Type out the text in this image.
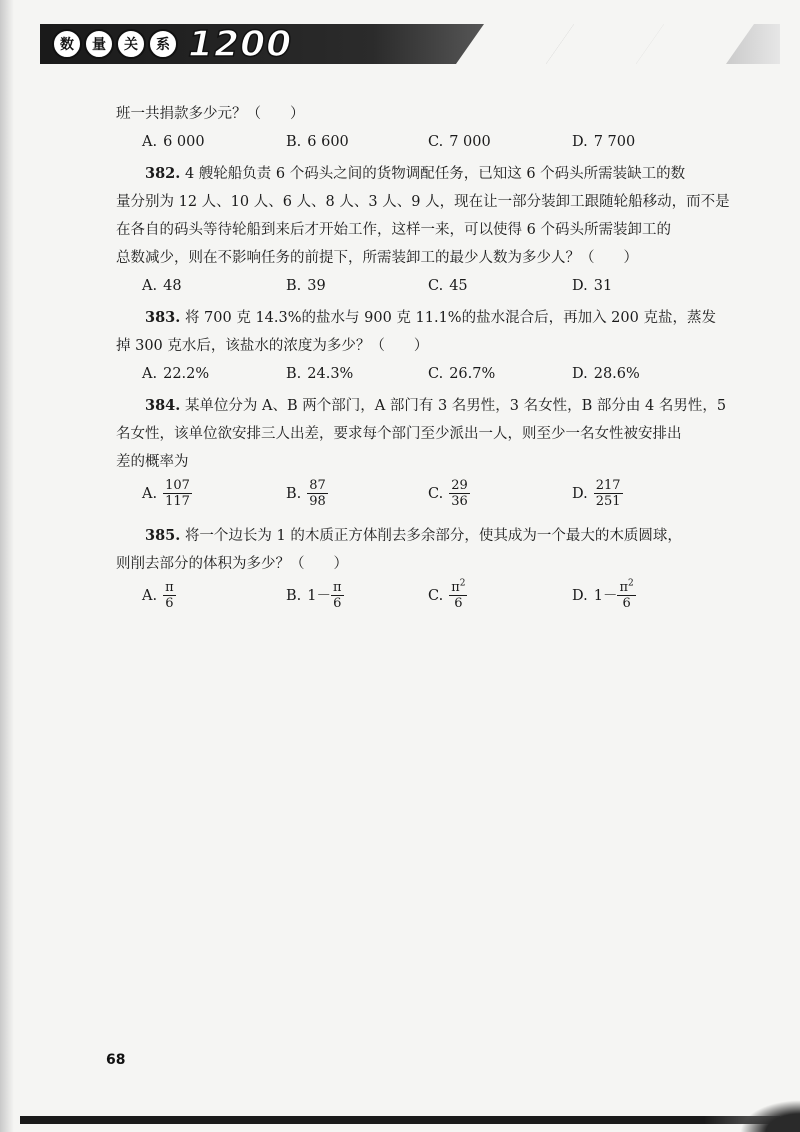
数	量	关	系 1200
班一共捐款多少元？（　　）
A. 6 000	B. 6 600	C. 7 000	D. 7 700
382. 4 艘轮船负责 6 个码头之间的货物调配任务，已知这 6 个码头所需装缺工的数
量分别为 12 人、10 人、6 人、8 人、3 人、9 人，现在让一部分装卸工跟随轮船移动，而不是
在各自的码头等待轮船到来后才开始工作，这样一来，可以使得 6 个码头所需装卸工的
总数减少，则在不影响任务的前提下，所需装卸工的最少人数为多少人？（　　）
A. 48	B. 39	C. 45	D. 31
383. 将 700 克 14.3%的盐水与 900 克 11.1%的盐水混合后，再加入 200 克盐，蒸发
掉 300 克水后，该盐水的浓度为多少？（　　）
A. 22.2%	B. 24.3%	C. 26.7%	D. 28.6%
384. 某单位分为 A、B 两个部门，A 部门有 3 名男性，3 名女性，B 部分由 4 名男性，5
名女性，该单位欲安排三人出差，要求每个部门至少派出一人，则至少一名女性被安排出
差的概率为
A. $\frac{107}{117}$	B. $\frac{87}{98}$	C. $\frac{29}{36}$	D. $\frac{217}{251}$
385. 将一个边长为 1 的木质正方体削去多余部分，使其成为一个最大的木质圆球，
则削去部分的体积为多少？（　　）
A. $\frac{\pi}{6}$	B. $1- \frac{\pi}{6}$	C. $\frac{\pi^2}{6}$	D. $1- \frac{\pi^2}{6}$
68
